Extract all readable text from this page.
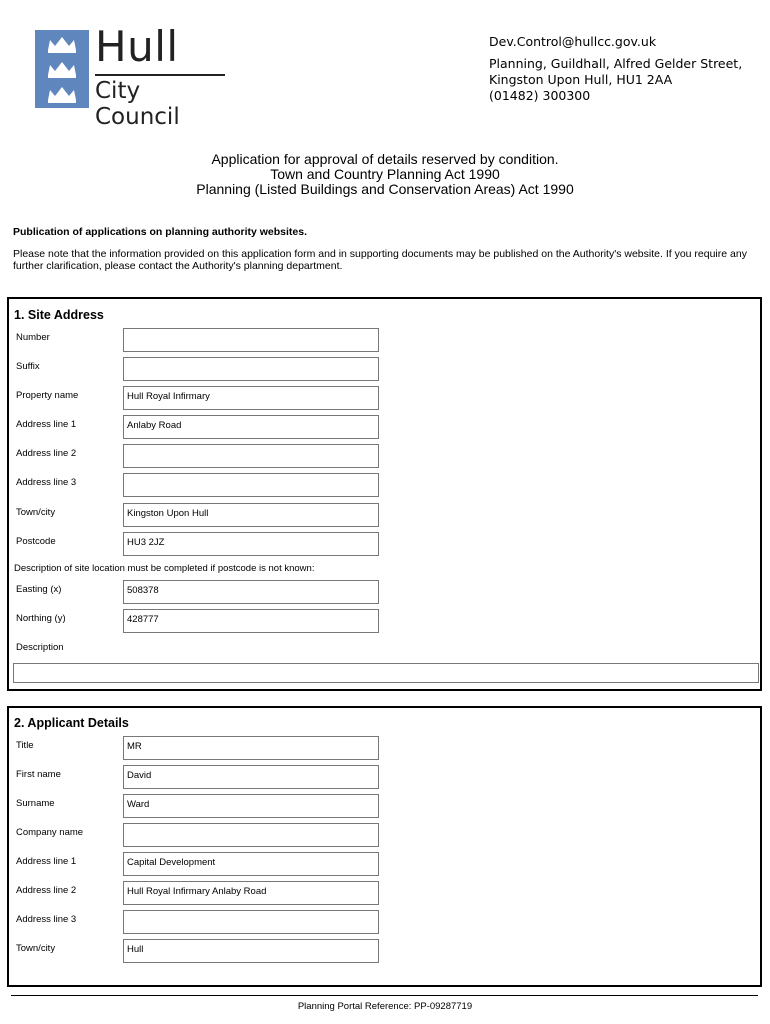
Hull
City Council
Dev.Control@hullcc.gov.uk
Planning, Guildhall, Alfred Gelder Street,
Kingston Upon Hull, HU1 2AA
(01482) 300300
Application for approval of details reserved by condition.
Town and Country Planning Act 1990
Planning (Listed Buildings and Conservation Areas) Act 1990
Publication of applications on planning authority websites.
Please note that the information provided on this application form and in supporting documents may be published on the Authority's website. If you require any further clarification, please contact the Authority's planning department.
1. Site Address
Number
Suffix
Property name	Hull Royal Infirmary
Address line 1	Anlaby Road
Address line 2
Address line 3
Town/city	Kingston Upon Hull
Postcode	HU3 2JZ
Description of site location must be completed if postcode is not known:
Easting (x)	508378
Northing (y)	428777
Description
2. Applicant Details
Title	MR
First name	David
Surname	Ward
Company name
Address line 1	Capital Development
Address line 2	Hull Royal Infirmary Anlaby Road
Address line 3
Town/city	Hull
Planning Portal Reference: PP-09287719
